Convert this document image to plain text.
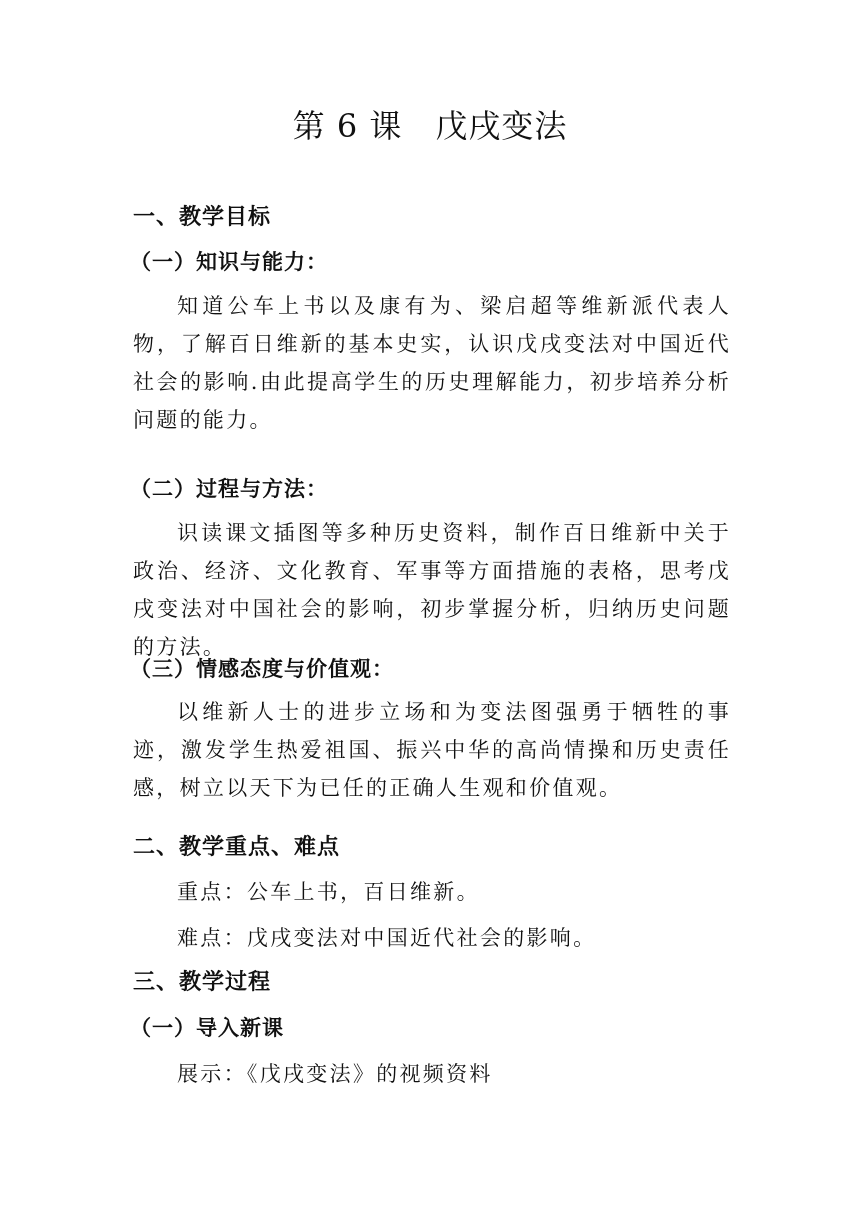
第 6 课　戊戌变法
一、教学目标
（一）知识与能力：
知道公车上书以及康有为、梁启超等维新派代表人物，了解百日维新的基本史实，认识戊戌变法对中国近代社会的影响.由此提高学生的历史理解能力，初步培养分析问题的能力。
（二）过程与方法：
识读课文插图等多种历史资料，制作百日维新中关于政治、经济、文化教育、军事等方面措施的表格，思考戊戌变法对中国社会的影响，初步掌握分析，归纳历史问题的方法。
（三）情感态度与价值观：
以维新人士的进步立场和为变法图强勇于牺牲的事迹，激发学生热爱祖国、振兴中华的高尚情操和历史责任感，树立以天下为已任的正确人生观和价值观。
二、教学重点、难点
重点：公车上书，百日维新。
难点：戊戌变法对中国近代社会的影响。
三、教学过程
（一）导入新课
展示：《戊戌变法》的视频资料
